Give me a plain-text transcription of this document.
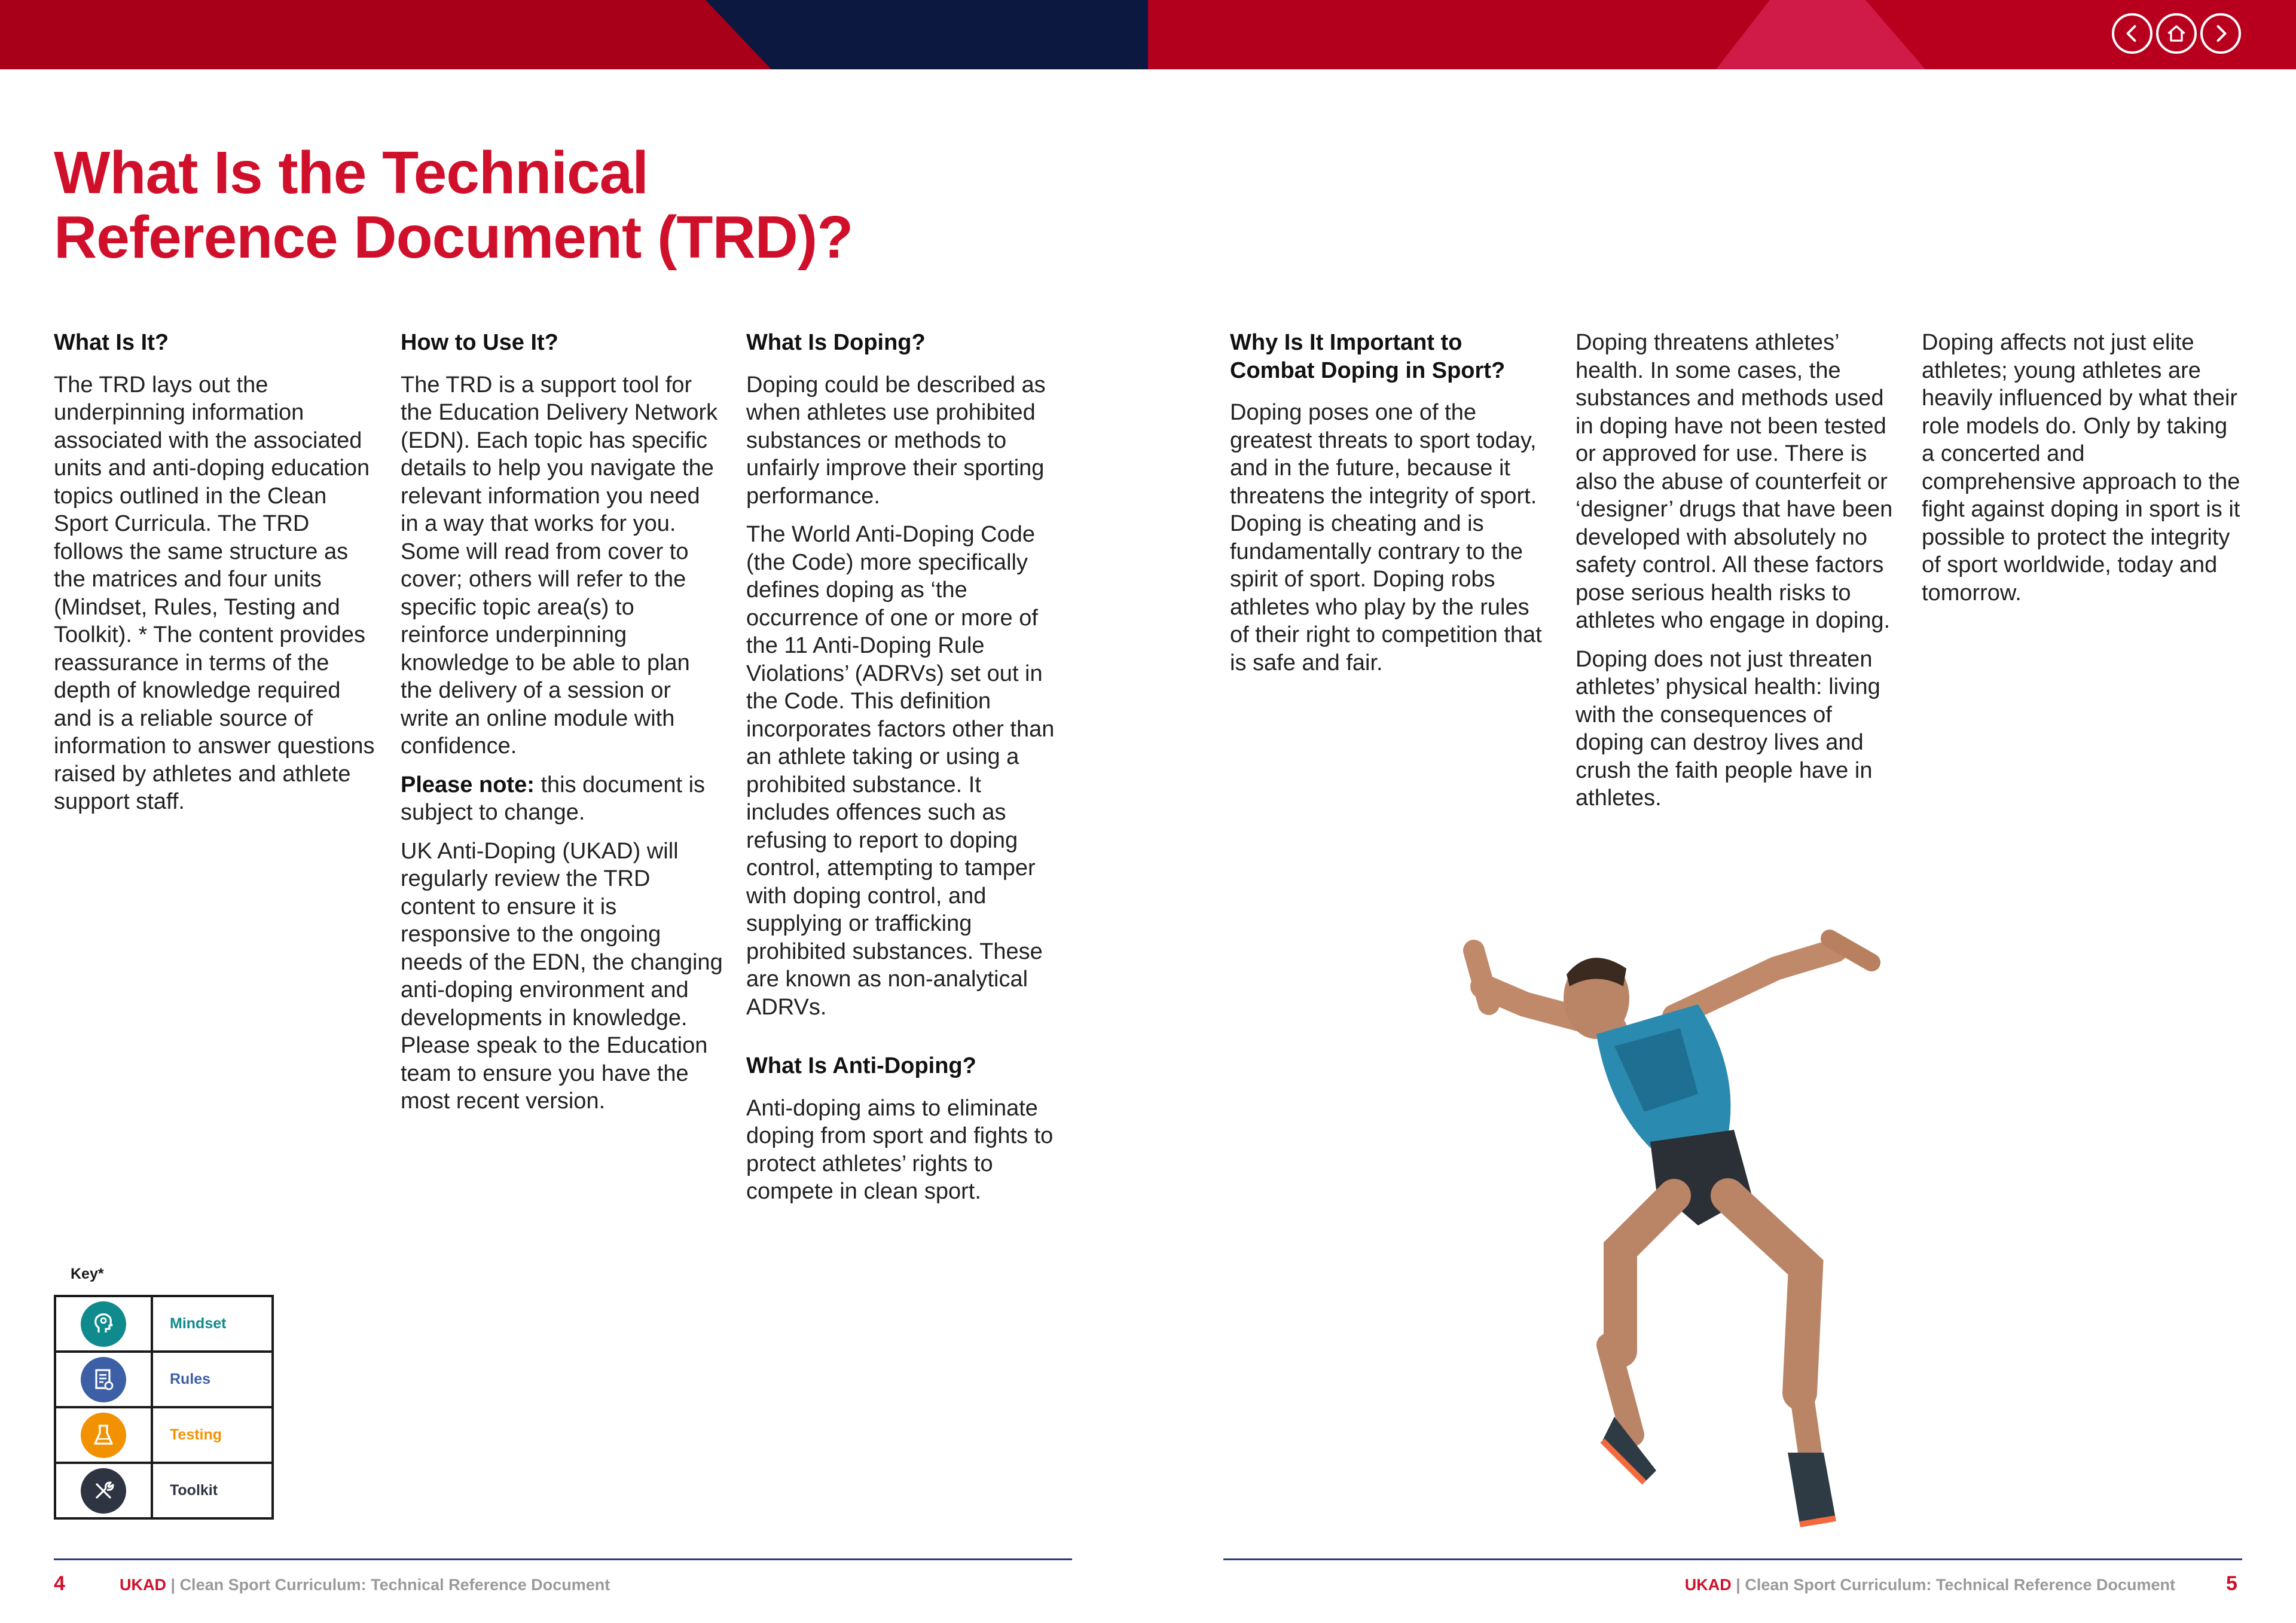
What Is the Technical
Reference Document (TRD)?
What Is It?

The TRD lays out the underpinning information associated with the associated units and anti-doping education topics outlined in the Clean Sport Curricula. The TRD follows the same structure as the matrices and four units (Mindset, Rules, Testing and Toolkit). * The content provides reassurance in terms of the depth of knowledge required and is a reliable source of information to answer questions raised by athletes and athlete support staff.

How to Use It?

The TRD is a support tool for the Education Delivery Network (EDN). Each topic has specific details to help you navigate the relevant information you need in a way that works for you. Some will read from cover to cover; others will refer to the specific topic area(s) to reinforce underpinning knowledge to be able to plan the delivery of a session or write an online module with confidence.

Please note: this document is subject to change.

UK Anti-Doping (UKAD) will regularly review the TRD content to ensure it is responsive to the ongoing needs of the EDN, the changing anti-doping environment and developments in knowledge. Please speak to the Education team to ensure you have the most recent version.

What Is Doping?

Doping could be described as when athletes use prohibited substances or methods to unfairly improve their sporting performance.

The World Anti-Doping Code (the Code) more specifically defines doping as ‘the occurrence of one or more of the 11 Anti-Doping Rule Violations’ (ADRVs) set out in the Code. This definition incorporates factors other than an athlete taking or using a prohibited substance. It includes offences such as refusing to report to doping control, attempting to tamper with doping control, and supplying or trafficking prohibited substances. These are known as non-analytical ADRVs.

What Is Anti-Doping?

Anti-doping aims to eliminate doping from sport and fights to protect athletes’ rights to compete in clean sport.

Why Is It Important to Combat Doping in Sport?

Doping poses one of the greatest threats to sport today, and in the future, because it threatens the integrity of sport. Doping is cheating and is fundamentally contrary to the spirit of sport. Doping robs athletes who play by the rules of their right to competition that is safe and fair.

Doping threatens athletes’ health. In some cases, the substances and methods used in doping have not been tested or approved for use. There is also the abuse of counterfeit or ‘designer’ drugs that have been developed with absolutely no safety control. All these factors pose serious health risks to athletes who engage in doping.

Doping does not just threaten athletes’ physical health: living with the consequences of doping can destroy lives and crush the faith people have in athletes.

Doping affects not just elite athletes; young athletes are heavily influenced by what their role models do. Only by taking a concerted and comprehensive approach to the fight against doping in sport is it possible to protect the integrity of sport worldwide, today and tomorrow.

Key*
	Mindset

	Rules

	Testing

	Toolkit
4	UKAD | Clean Sport Curriculum: Technical Reference Document	UKAD | Clean Sport Curriculum: Technical Reference Document	5
